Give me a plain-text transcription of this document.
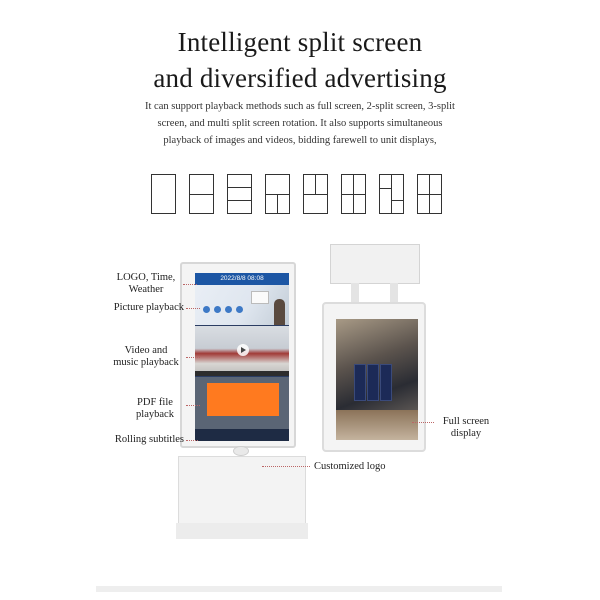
Intelligent split screen
and diversified advertising
It can support playback methods such as full screen, 2-split screen, 3-split
screen, and multi split screen rotation. It also supports simultaneous
playback of images and videos, bidding farewell to unit displays,
2022/8/8 08:08
LOGO, Time,
Weather
Picture playback
Video and
music playback
PDF file
playback
Rolling subtitles
Customized logo
Full screen
display
